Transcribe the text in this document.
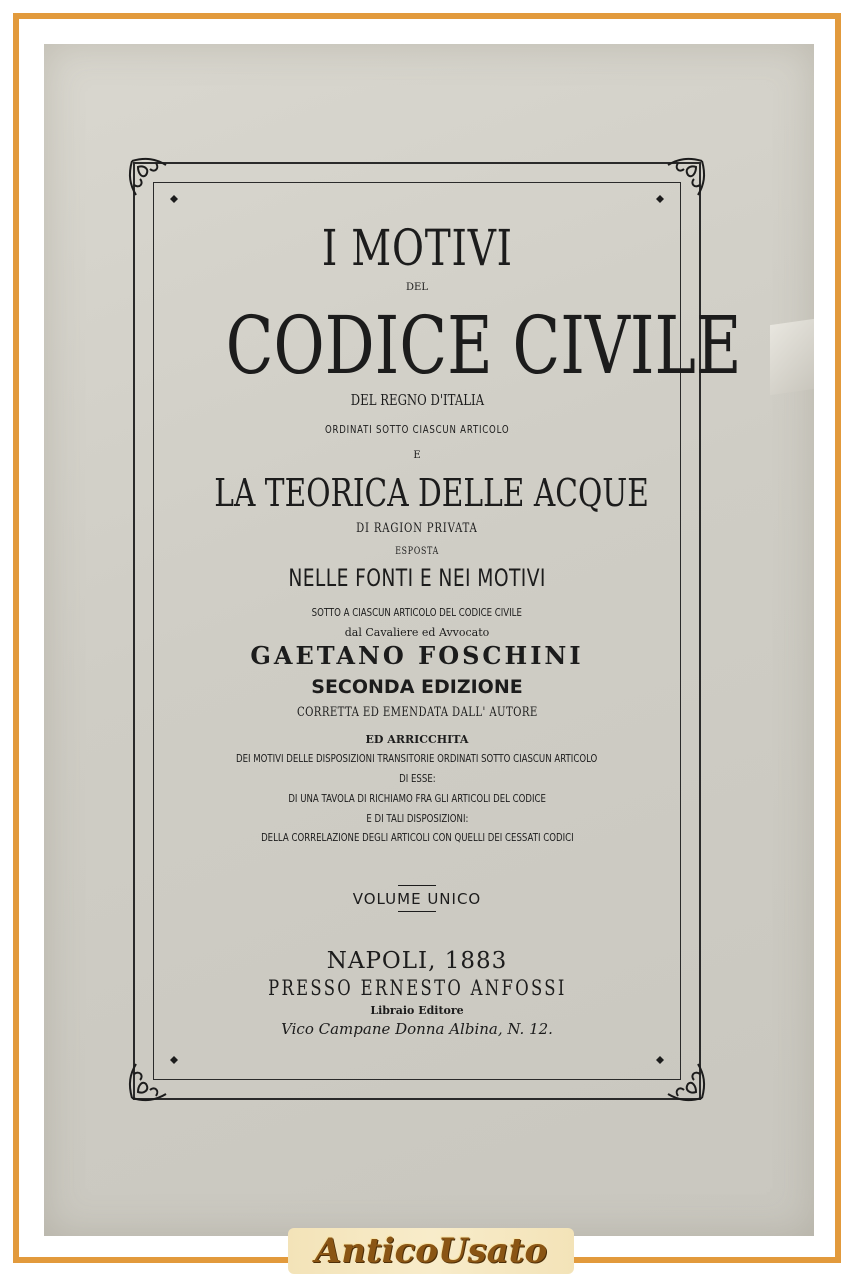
I MOTIVI
DEL
CODICE CIVILE
DEL REGNO D'ITALIA
ORDINATI SOTTO CIASCUN ARTICOLO
E
LA TEORICA DELLE ACQUE
DI RAGION PRIVATA
ESPOSTA
NELLE FONTI E NEI MOTIVI
SOTTO A CIASCUN ARTICOLO DEL CODICE CIVILE
dal Cavaliere ed Avvocato
GAETANO FOSCHINI
SECONDA EDIZIONE
CORRETTA ED EMENDATA DALL' AUTORE
ED ARRICCHITA
DEI MOTIVI DELLE DISPOSIZIONI TRANSITORIE ORDINATI SOTTO CIASCUN ARTICOLO
DI ESSE:
DI UNA TAVOLA DI RICHIAMO FRA GLI ARTICOLI DEL CODICE
E DI TALI DISPOSIZIONI:
DELLA CORRELAZIONE DEGLI ARTICOLI CON QUELLI DEI CESSATI CODICI
VOLUME UNICO
NAPOLI, 1883
PRESSO ERNESTO ANFOSSI
Libraio Editore
Vico Campane Donna Albina, N. 12.
AnticoUsato
